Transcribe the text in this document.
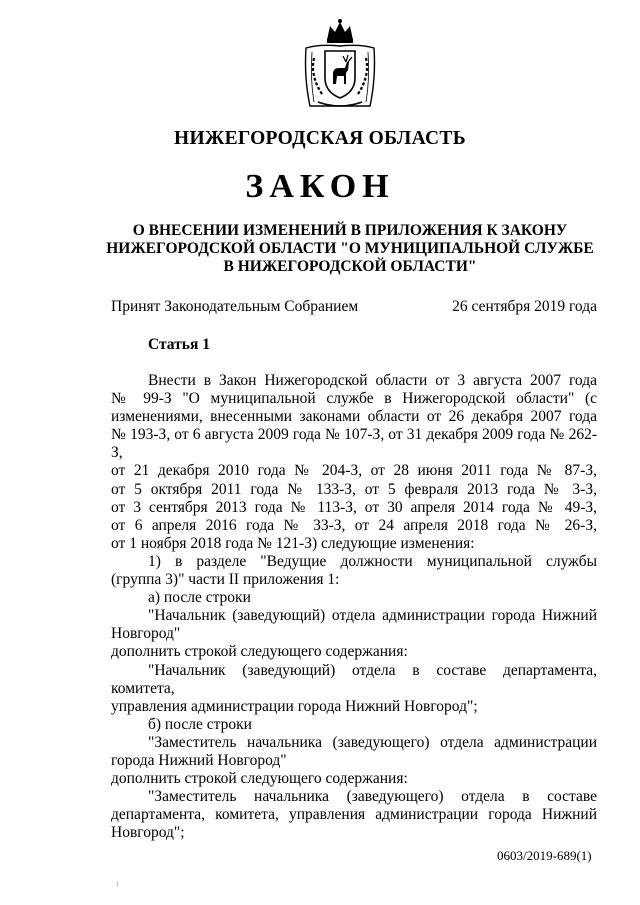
НИЖЕГОРОДСКАЯ ОБЛАСТЬ
ЗАКОН
О ВНЕСЕНИИ ИЗМЕНЕНИЙ В ПРИЛОЖЕНИЯ К ЗАКОНУ
НИЖЕГОРОДСКОЙ ОБЛАСТИ "О МУНИЦИПАЛЬНОЙ СЛУЖБЕ
В НИЖЕГОРОДСКОЙ ОБЛАСТИ"
Принят Законодательным Собранием	26 сентября 2019 года
Статья 1

Внести в Закон Нижегородской области от 3 августа 2007 года

№ 99-З "О муниципальной службе в Нижегородской области" (с

изменениями, внесенными законами области от 26 декабря 2007 года

№ 193-З, от 6 августа 2009 года № 107-З, от 31 декабря 2009 года № 262-З,

от 21 декабря 2010 года № 204-З, от 28 июня 2011 года № 87-З,

от 5 октября 2011 года № 133-З, от 5 февраля 2013 года № 3-З,

от 3 сентября 2013 года № 113-З, от 30 апреля 2014 года № 49-З,

от 6 апреля 2016 года № 33-З, от 24 апреля 2018 года № 26-З,

от 1 ноября 2018 года № 121-З) следующие изменения:

1) в разделе "Ведущие должности муниципальной службы

(группа 3)" части II приложения 1:

а) после строки

"Начальник (заведующий) отдела администрации города Нижний

Новгород"

дополнить строкой следующего содержания:

"Начальник (заведующий) отдела в составе департамента, комитета,

управления администрации города Нижний Новгород";

б) после строки

"Заместитель начальника (заведующего) отдела администрации

города Нижний Новгород"

дополнить строкой следующего содержания:

"Заместитель начальника (заведующего) отдела в составе

департамента, комитета, управления администрации города Нижний

Новгород";

0603/2019-689(1)
⁝
